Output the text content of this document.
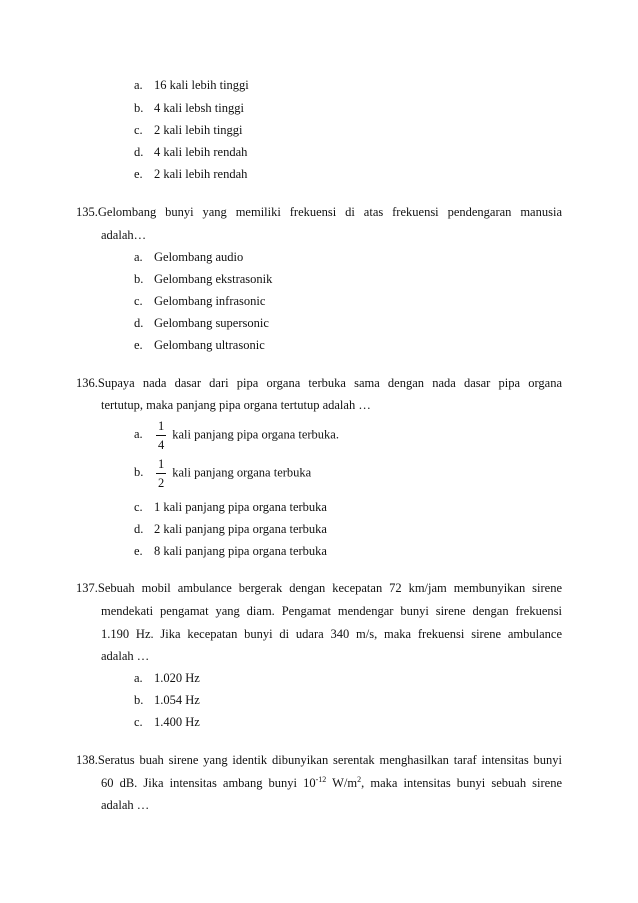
a. 16 kali lebih tinggi
b. 4 kali lebsh tinggi
c. 2 kali lebih tinggi
d. 4 kali lebih rendah
e. 2 kali lebih rendah
135.Gelombang bunyi yang memiliki frekuensi di atas frekuensi pendengaran manusia
adalah…
a. Gelombang audio
b. Gelombang ekstrasonik
c. Gelombang infrasonic
d. Gelombang supersonic
e. Gelombang ultrasonic
136.Supaya nada dasar dari pipa organa terbuka sama dengan nada dasar pipa organa
tertutup, maka panjang pipa organa tertutup adalah …
a. $\frac{1}{4}$ kali panjang pipa organa terbuka.
b. $\frac{1}{2}$ kali panjang organa terbuka
c. 1 kali panjang pipa organa terbuka
d. 2 kali panjang pipa organa terbuka
e. 8 kali panjang pipa organa terbuka
137.Sebuah mobil ambulance bergerak dengan kecepatan 72 km/jam membunyikan sirene
mendekati pengamat yang diam. Pengamat mendengar bunyi sirene dengan frekuensi
1.190 Hz. Jika kecepatan bunyi di udara 340 m/s, maka frekuensi sirene ambulance
adalah …
a. 1.020 Hz
b. 1.054 Hz
c. 1.400 Hz
138.Seratus buah sirene yang identik dibunyikan serentak menghasilkan taraf intensitas bunyi
60 dB. Jika intensitas ambang bunyi $10^{-12}$ $W/m^2$, maka intensitas bunyi sebuah sirene
adalah …
